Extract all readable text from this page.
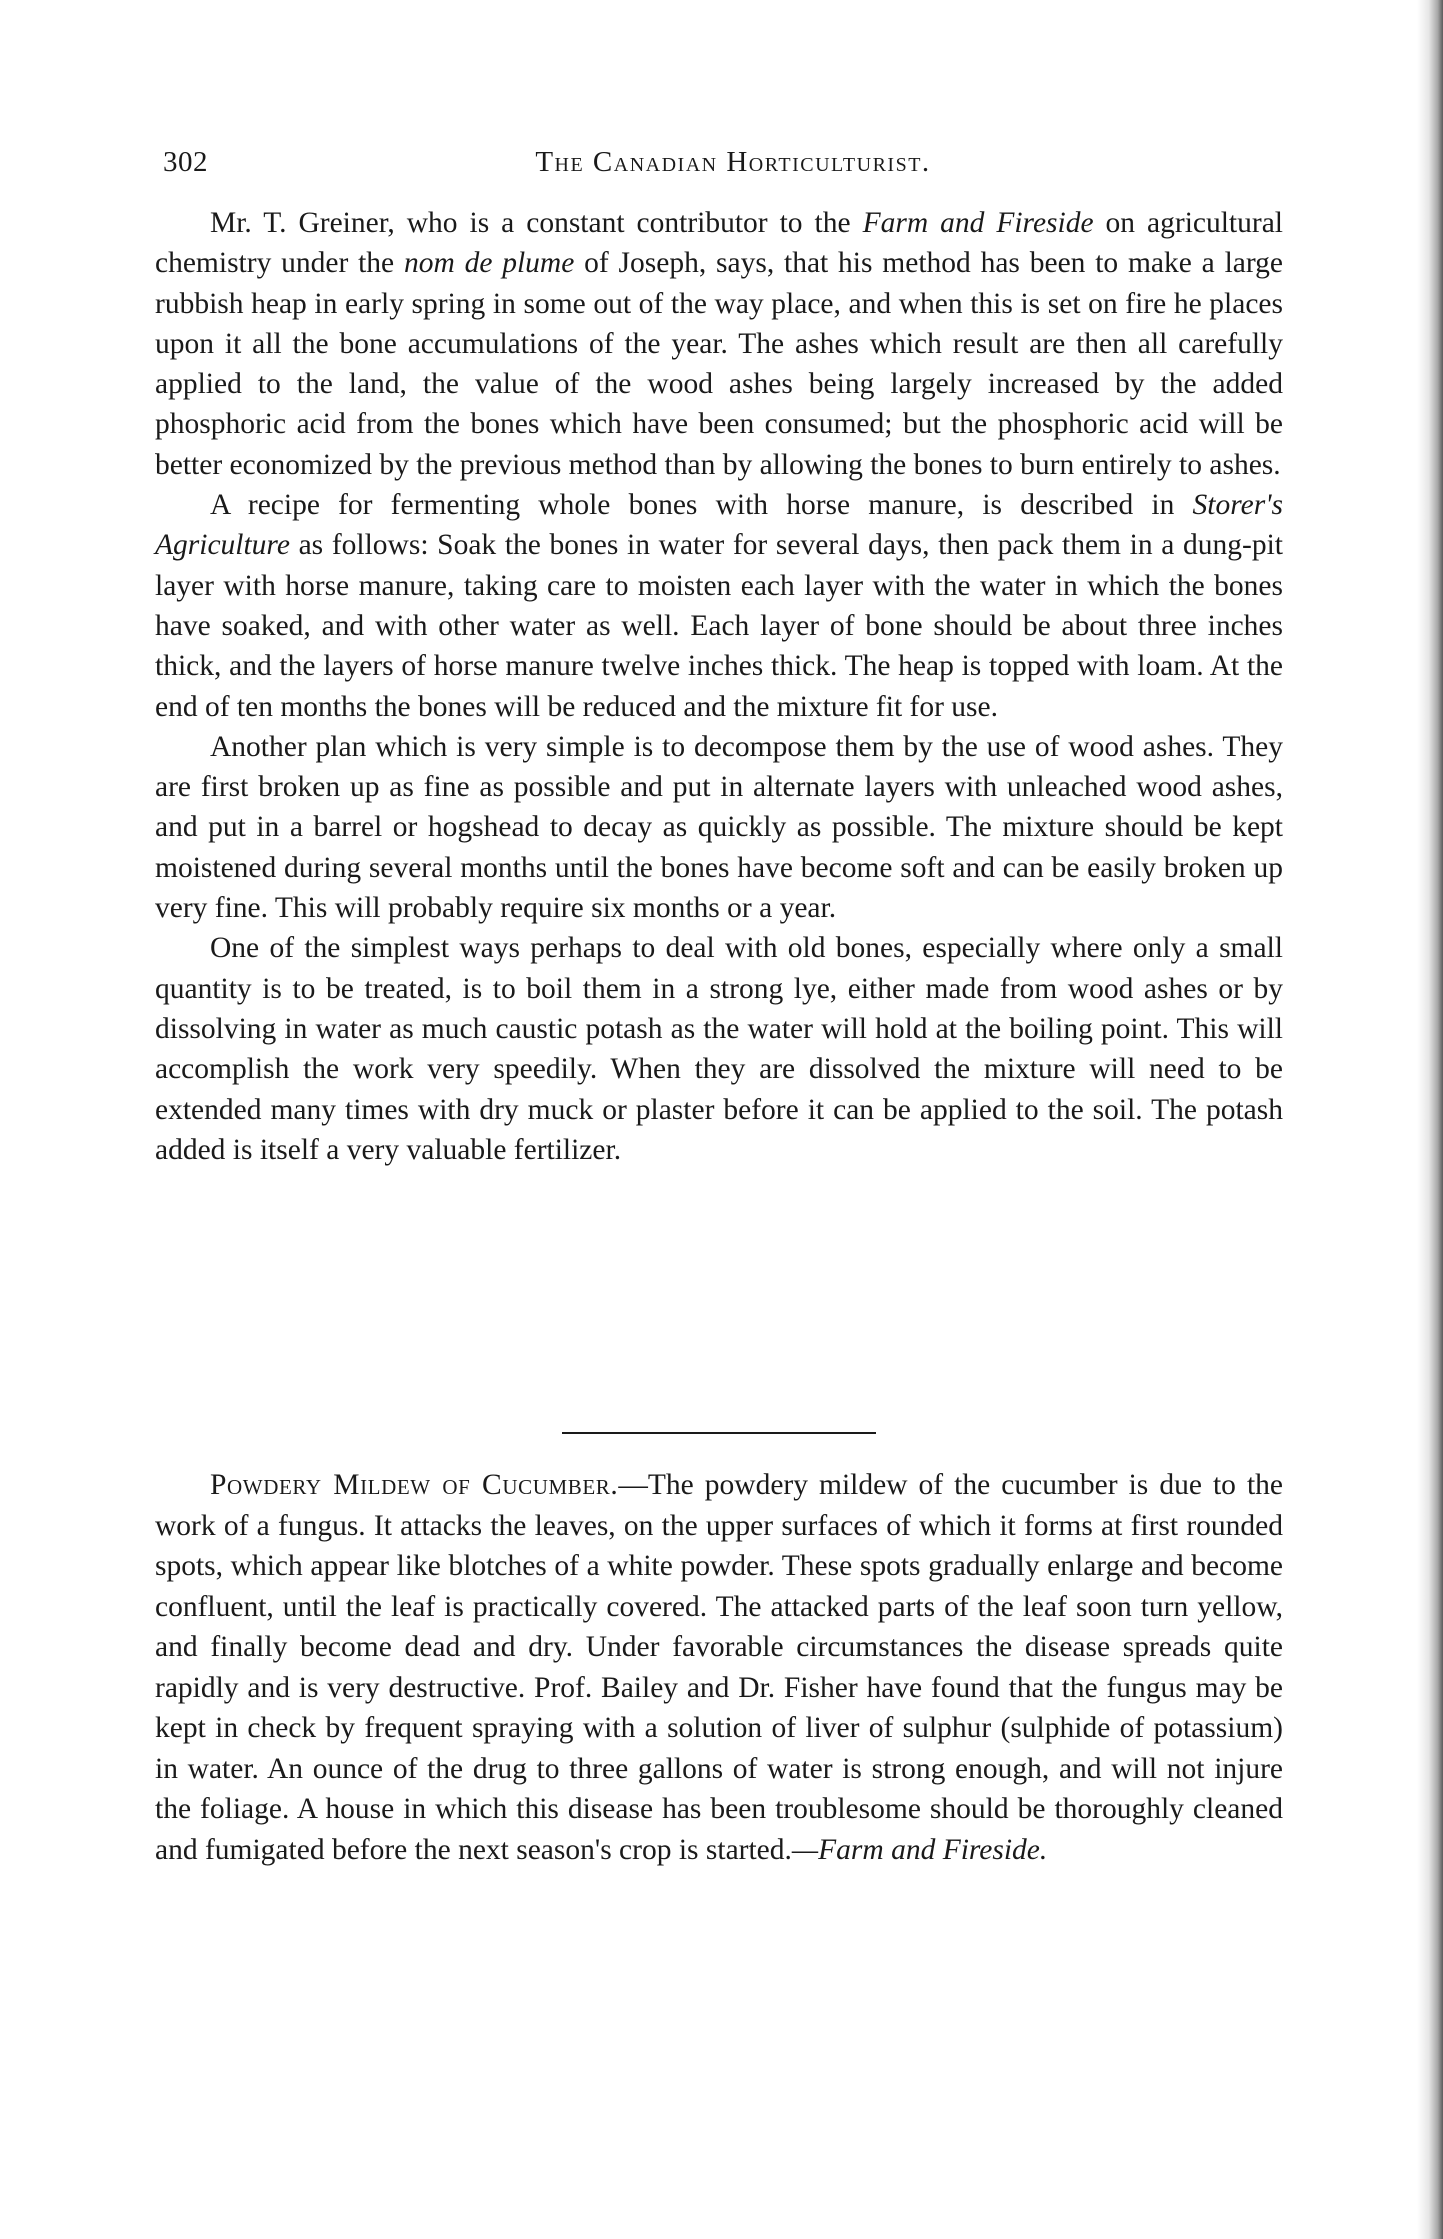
302	The Canadian Horticulturist.

Mr. T. Greiner, who is a constant contributor to the Farm and Fireside on agricultural chemistry under the nom de plume of Joseph, says, that his method has been to make a large rubbish heap in early spring in some out of the way place, and when this is set on fire he places upon it all the bone accumulations of the year. The ashes which result are then all carefully applied to the land, the value of the wood ashes being largely increased by the added phosphoric acid from the bones which have been consumed; but the phosphoric acid will be better economized by the previous method than by allowing the bones to burn entirely to ashes.

A recipe for fermenting whole bones with horse manure, is described in Storer's Agriculture as follows: Soak the bones in water for several days, then pack them in a dung-pit layer with horse manure, taking care to moisten each layer with the water in which the bones have soaked, and with other water as well. Each layer of bone should be about three inches thick, and the layers of horse manure twelve inches thick. The heap is topped with loam. At the end of ten months the bones will be reduced and the mixture fit for use.

Another plan which is very simple is to decompose them by the use of wood ashes. They are first broken up as fine as possible and put in alternate layers with unleached wood ashes, and put in a barrel or hogshead to decay as quickly as possible. The mixture should be kept moistened during several months until the bones have become soft and can be easily broken up very fine. This will probably require six months or a year.

One of the simplest ways perhaps to deal with old bones, especially where only a small quantity is to be treated, is to boil them in a strong lye, either made from wood ashes or by dissolving in water as much caustic potash as the water will hold at the boiling point. This will accomplish the work very speedily. When they are dissolved the mixture will need to be extended many times with dry muck or plaster before it can be applied to the soil. The potash added is itself a very valuable fertilizer.

Powdery Mildew of Cucumber.—The powdery mildew of the cucumber is due to the work of a fungus. It attacks the leaves, on the upper surfaces of which it forms at first rounded spots, which appear like blotches of a white powder. These spots gradually enlarge and become confluent, until the leaf is practically covered. The attacked parts of the leaf soon turn yellow, and finally become dead and dry. Under favorable circumstances the disease spreads quite rapidly and is very destructive. Prof. Bailey and Dr. Fisher have found that the fungus may be kept in check by frequent spraying with a solution of liver of sulphur (sulphide of potassium) in water. An ounce of the drug to three gallons of water is strong enough, and will not injure the foliage. A house in which this disease has been troublesome should be thoroughly cleaned and fumigated before the next season's crop is started.—Farm and Fireside.
